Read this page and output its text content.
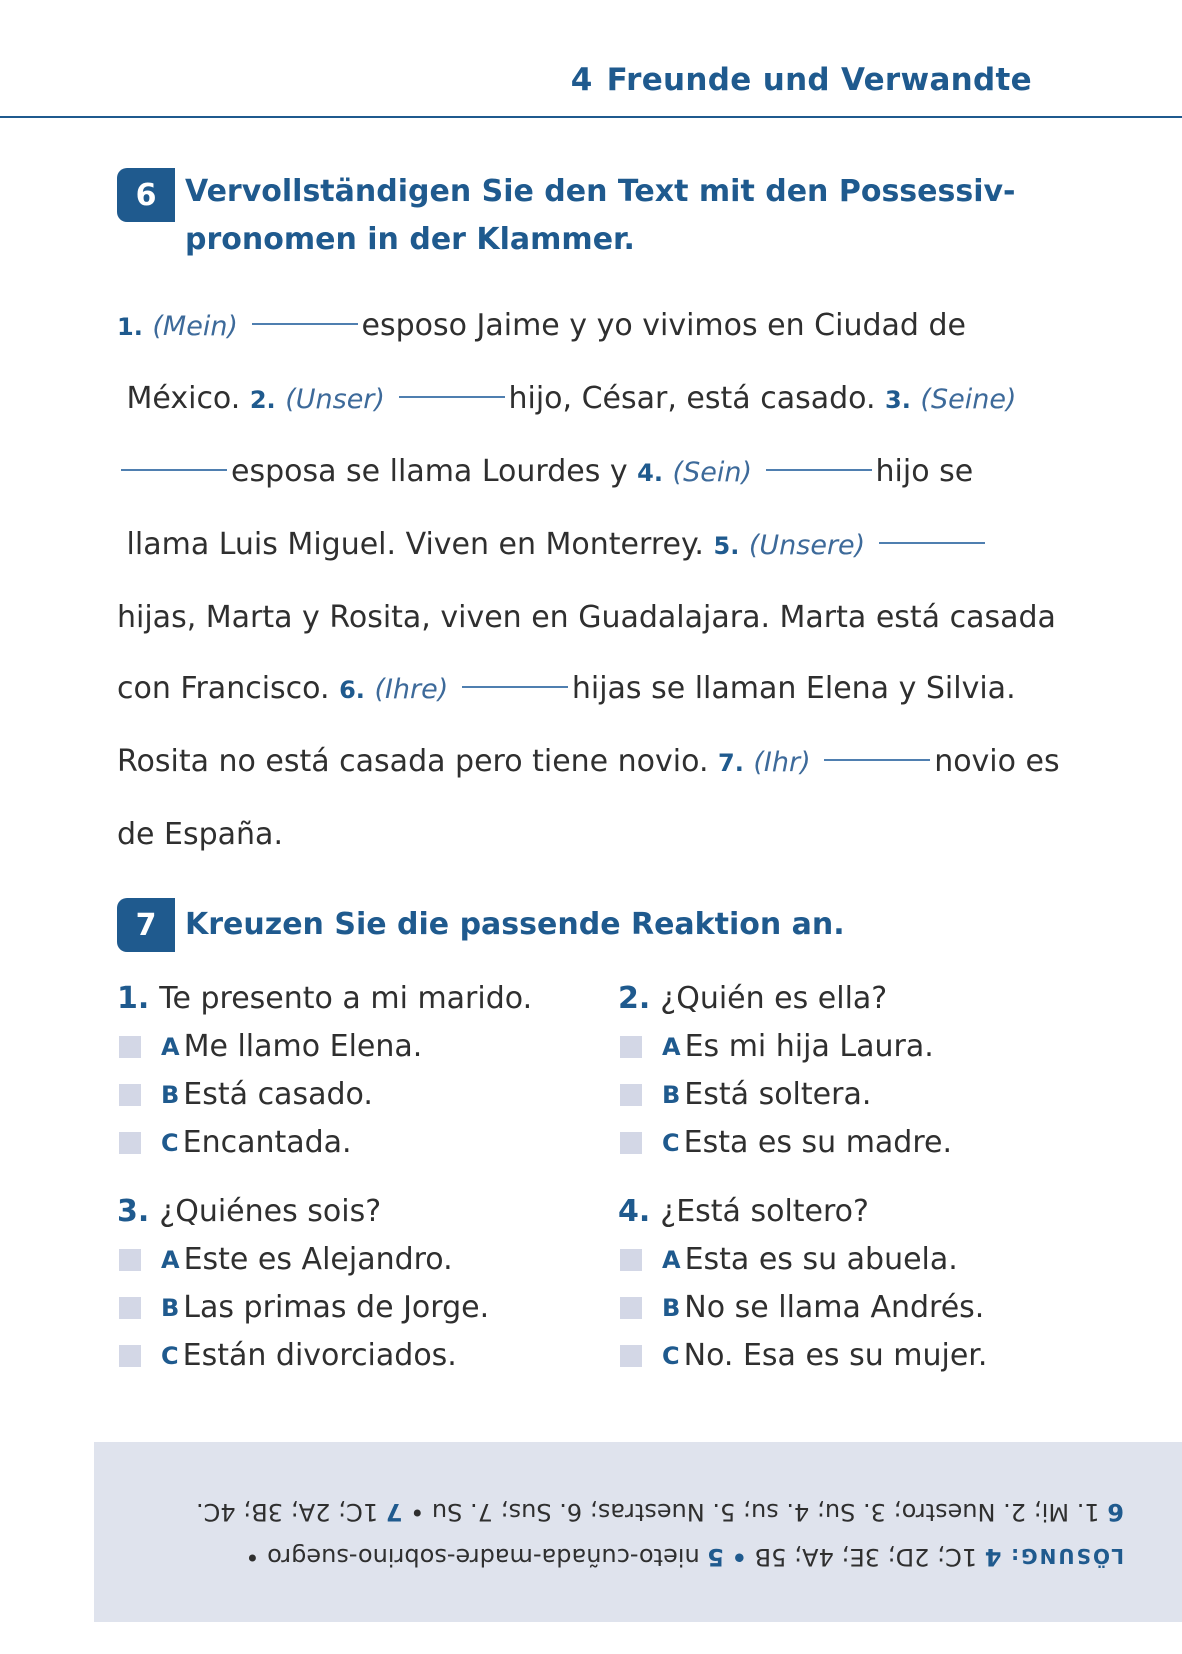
4 Freunde und Verwandte
6 Vervollständigen Sie den Text mit den Possessiv-
pronomen in der Klammer.
1. (Mein)	esposo Jaime y yo vivimos en Ciudad de
México. 2. (Unser)	hijo, César, está casado. 3. (Seine)
esposa se llama Lourdes y 4. (Sein)	hijo se
llama Luis Miguel. Viven en Monterrey. 5. (Unsere)
hijas, Marta y Rosita, viven en Guadalajara. Marta está casada
con Francisco. 6. (Ihre)	hijas se llaman Elena y Silvia.
Rosita no está casada pero tiene novio. 7. (Ihr)	novio es
de España.
7 Kreuzen Sie die passende Reaktion an.
1. Te presento a mi marido.
A Me llamo Elena.
B Está casado.
C Encantada.
2. ¿Quién es ella?
A Es mi hija Laura.
B Está soltera.
C Esta es su madre.
3. ¿Quiénes sois?
A Este es Alejandro.
B Las primas de Jorge.
C Están divorciados.
4. ¿Está soltero?
A Esta es su abuela.
B No se llama Andrés.
C No. Esa es su mujer.
LÖSUNG: 4 1C; 2D; 3E; 4A; 5B • 5 nieto-cuñada-madre-sobrino-suegro •
6 1. Mi; 2. Nuestro; 3. Su; 4. su; 5. Nuestras; 6. Sus; 7. Su • 7 1C; 2A; 3B; 4C.
